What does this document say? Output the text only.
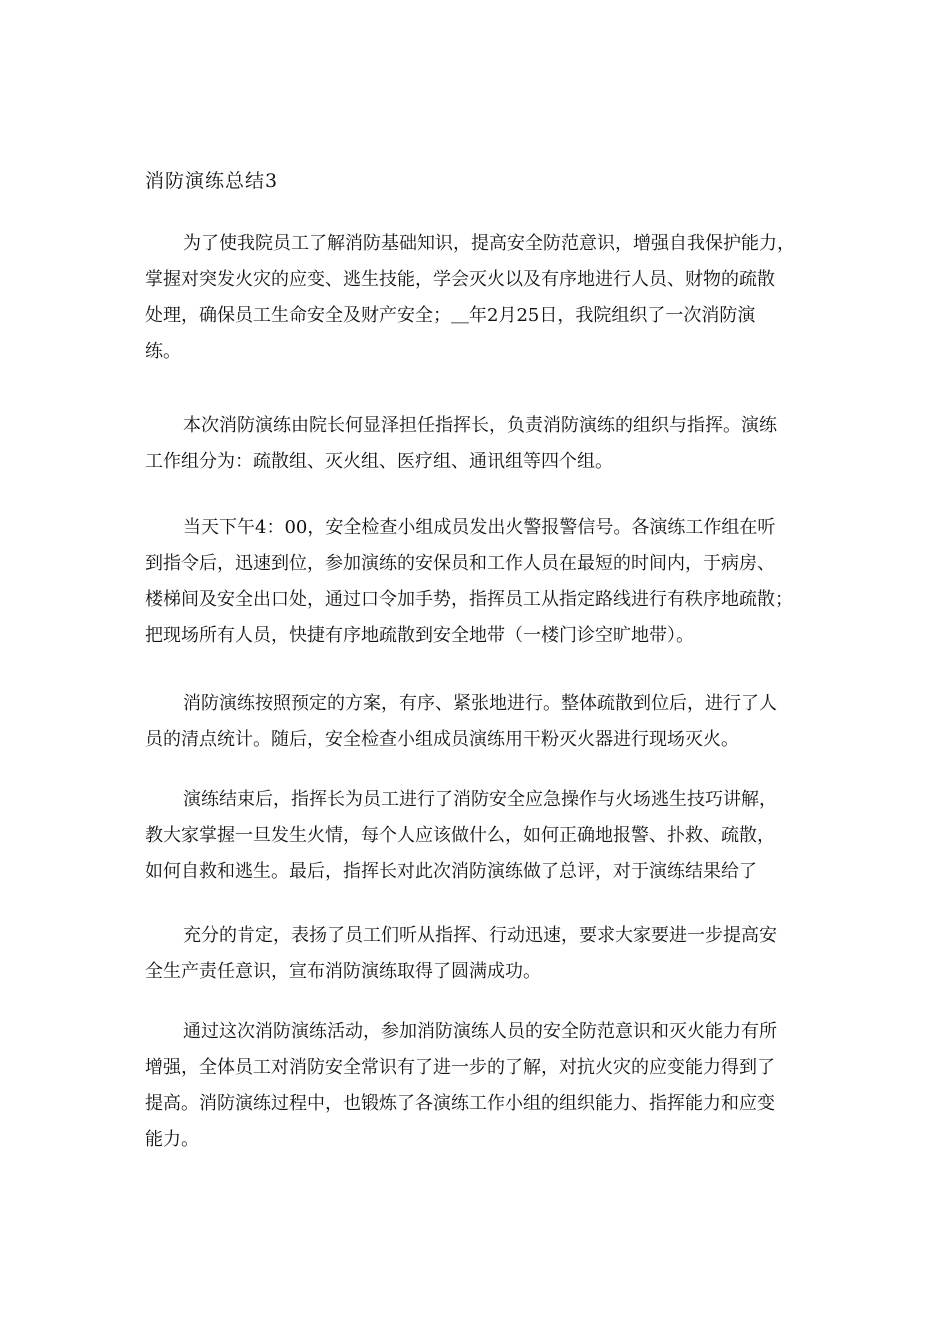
消防演练总结3

为了使我院员工了解消防基础知识，提高安全防范意识，增强自我保护能力，
掌握对突发火灾的应变、逃生技能，学会灭火以及有序地进行人员、财物的疏散
处理，确保员工生命安全及财产安全；＿年2月25日，我院组织了一次消防演
练。

本次消防演练由院长何显泽担任指挥长，负责消防演练的组织与指挥。演练
工作组分为：疏散组、灭火组、医疗组、通讯组等四个组。

当天下午4：00，安全检查小组成员发出火警报警信号。各演练工作组在听
到指令后，迅速到位，参加演练的安保员和工作人员在最短的时间内，于病房、
楼梯间及安全出口处，通过口令加手势，指挥员工从指定路线进行有秩序地疏散；
把现场所有人员，快捷有序地疏散到安全地带（一楼门诊空旷地带）。

消防演练按照预定的方案，有序、紧张地进行。整体疏散到位后，进行了人
员的清点统计。随后，安全检查小组成员演练用干粉灭火器进行现场灭火。

演练结束后，指挥长为员工进行了消防安全应急操作与火场逃生技巧讲解，
教大家掌握一旦发生火情，每个人应该做什么，如何正确地报警、扑救、疏散，
如何自救和逃生。最后，指挥长对此次消防演练做了总评，对于演练结果给了

充分的肯定，表扬了员工们听从指挥、行动迅速，要求大家要进一步提高安
全生产责任意识，宣布消防演练取得了圆满成功。

通过这次消防演练活动，参加消防演练人员的安全防范意识和灭火能力有所
增强，全体员工对消防安全常识有了进一步的了解，对抗火灾的应变能力得到了
提高。消防演练过程中，也锻炼了各演练工作小组的组织能力、指挥能力和应变
能力。
